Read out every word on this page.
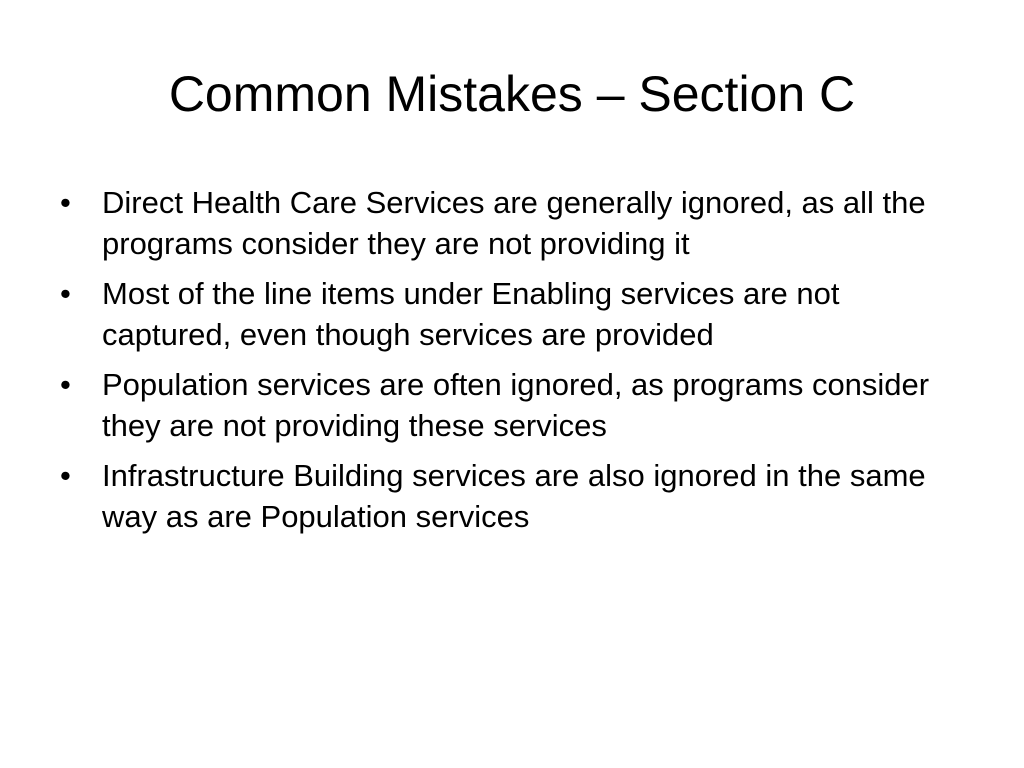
Common Mistakes – Section C
• Direct Health Care Services are generally ignored, as all the programs consider they are not providing it
• Most of the line items under Enabling services are not captured, even though services are provided
• Population services are often ignored, as programs consider they are not providing these services
• Infrastructure Building services are also ignored in the same way as are Population services
